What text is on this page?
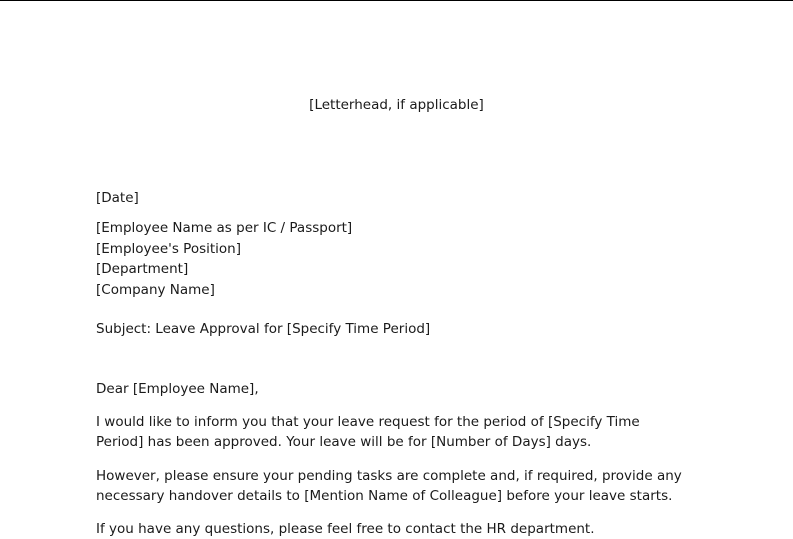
[Letterhead, if applicable]
[Date]
[Employee Name as per IC / Passport]
[Employee's Position]
[Department]
[Company Name]
Subject: Leave Approval for [Specify Time Period]
Dear [Employee Name],

I would like to inform you that your leave request for the period of [Specify Time Period] has been approved. Your leave will be for [Number of Days] days.

However, please ensure your pending tasks are complete and, if required, provide any necessary handover details to [Mention Name of Colleague] before your leave starts.

If you have any questions, please feel free to contact the HR department.
